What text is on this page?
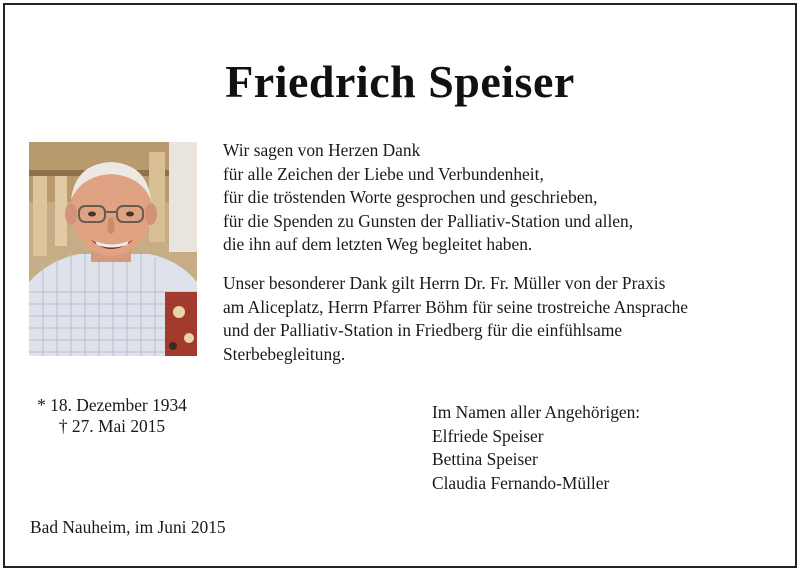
Friedrich Speiser
Wir sagen von Herzen Dank
für alle Zeichen der Liebe und Verbundenheit,
für die tröstenden Worte gesprochen und geschrieben,
für die Spenden zu Gunsten der Palliativ-Station und allen,
die ihn auf dem letzten Weg begleitet haben.
Unser besonderer Dank gilt Herrn Dr. Fr. Müller von der Praxis
am Aliceplatz, Herrn Pfarrer Böhm für seine trostreiche Ansprache
und der Palliativ-Station in Friedberg für die einfühlsame
Sterbebegleitung.
* 18. Dezember 1934
† 27. Mai 2015
Im Namen aller Angehörigen:
Elfriede Speiser
Bettina Speiser
Claudia Fernando-Müller
Bad Nauheim, im Juni 2015
